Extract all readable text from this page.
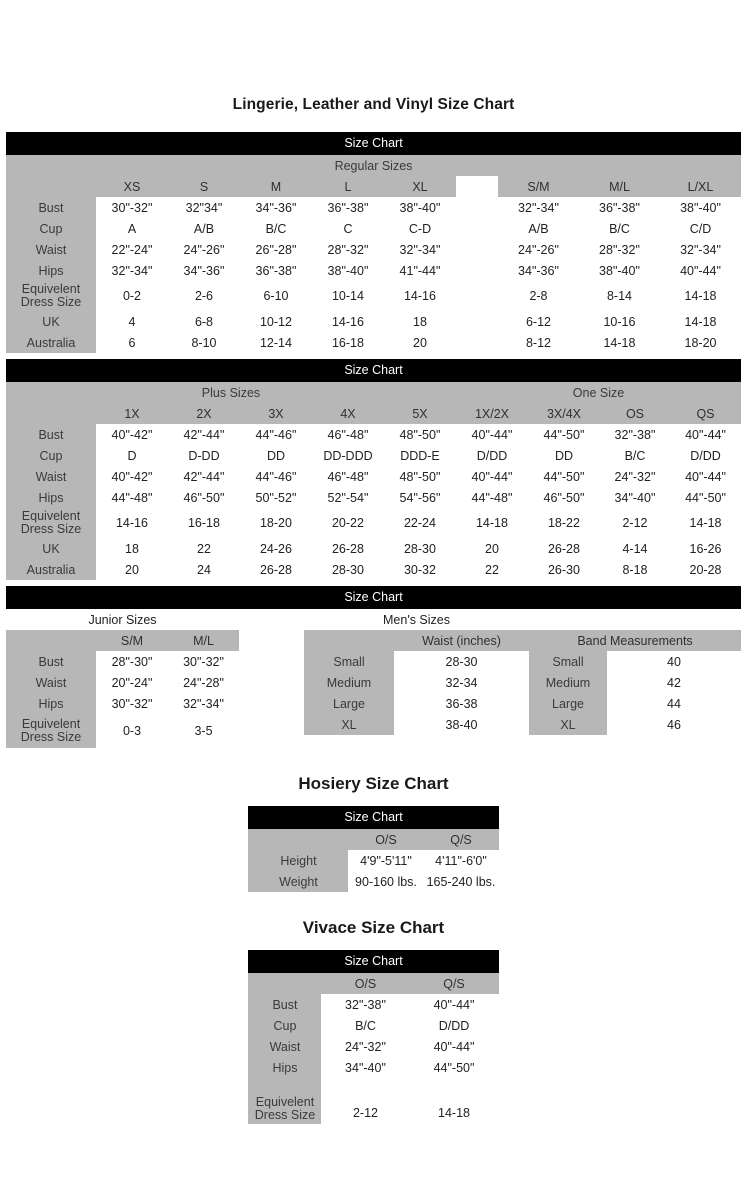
Lingerie, Leather and Vinyl Size Chart
Size Chart									
Regular Sizes									
	XS	S	M	L	XL		S/M	M/L	L/XL
Bust	30"-32"	32"34"	34"-36"	36"-38"	38"-40"		32"-34"	36"-38"	38"-40"
Cup	A	A/B	B/C	C	C-D		A/B	B/C	C/D
Waist	22"-24"	24"-26"	26"-28"	28"-32"	32"-34"		24"-26"	28"-32"	32"-34"
Hips	32"-34"	34"-36"	36"-38"	38"-40"	41"-44"		34"-36"	38"-40"	40"-44"
Equivelent Dress Size	0-2	2-6	6-10	10-14	14-16		2-8	8-14	14-18
UK	4	6-8	10-12	14-16	18		6-12	10-16	14-18
Australia	6	8-10	12-14	16-18	20		8-12	14-18	18-20
Size Chart									
Plus Sizes						One Size			
	1X	2X	3X	4X	5X	1X/2X	3X/4X	OS	QS
Bust	40"-42"	42"-44"	44"-46"	46"-48"	48"-50"	40"-44"	44"-50"	32"-38"	40"-44"
Cup	D	D-DD	DD	DD-DDD	DDD-E	D/DD	DD	B/C	D/DD
Waist	40"-42"	42"-44"	44"-46"	46"-48"	48"-50"	40"-44"	44"-50"	24"-32"	40"-44"
Hips	44"-48"	46"-50"	50"-52"	52"-54"	54"-56"	44"-48"	46"-50"	34"-40"	44"-50"
Equivelent Dress Size	14-16	16-18	18-20	20-22	22-24	14-18	18-22	2-12	14-18
UK	18	22	24-26	26-28	28-30	20	26-28	4-14	16-26
Australia	20	24	26-28	28-30	30-32	22	26-30	8-18	20-28
Size Chart
Junior Sizes		
	S/M	M/L
Bust	28"-30"	30"-32"
Waist	20"-24"	24"-28"
Hips	30"-32"	32"-34"
Equivelent Dress Size	0-3	3-5
Men's Sizes			
	Waist (inches)	Band Measurements	
Small	28-30	Small	40
Medium	32-34	Medium	42
Large	36-38	Large	44
XL	38-40	XL	46
Hosiery Size Chart
Size Chart		
	O/S	Q/S
Height	4'9"-5'11"	4'11"-6'0"
Weight	90-160 lbs.	165-240 lbs.
Vivace Size Chart
Size Chart		
	O/S	Q/S
Bust	32"-38"	40"-44"
Cup	B/C	D/DD
Waist	24"-32"	40"-44"
Hips	34"-40"	44"-50"
Equivelent Dress Size	2-12	14-18
